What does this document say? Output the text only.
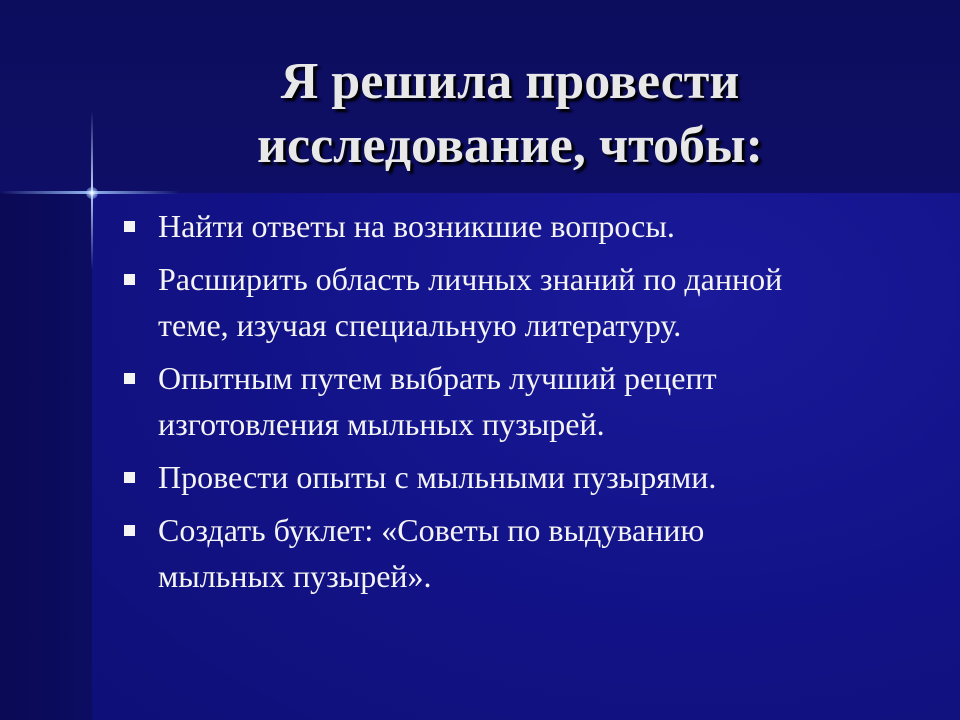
Я решила провести
исследование, чтобы:
Найти ответы на возникшие вопросы.
Расширить область личных знаний по данной
теме, изучая специальную литературу.
Опытным путем выбрать лучший рецепт
изготовления мыльных пузырей.
Провести опыты с мыльными пузырями.
Создать буклет: «Советы по выдуванию
мыльных пузырей».
